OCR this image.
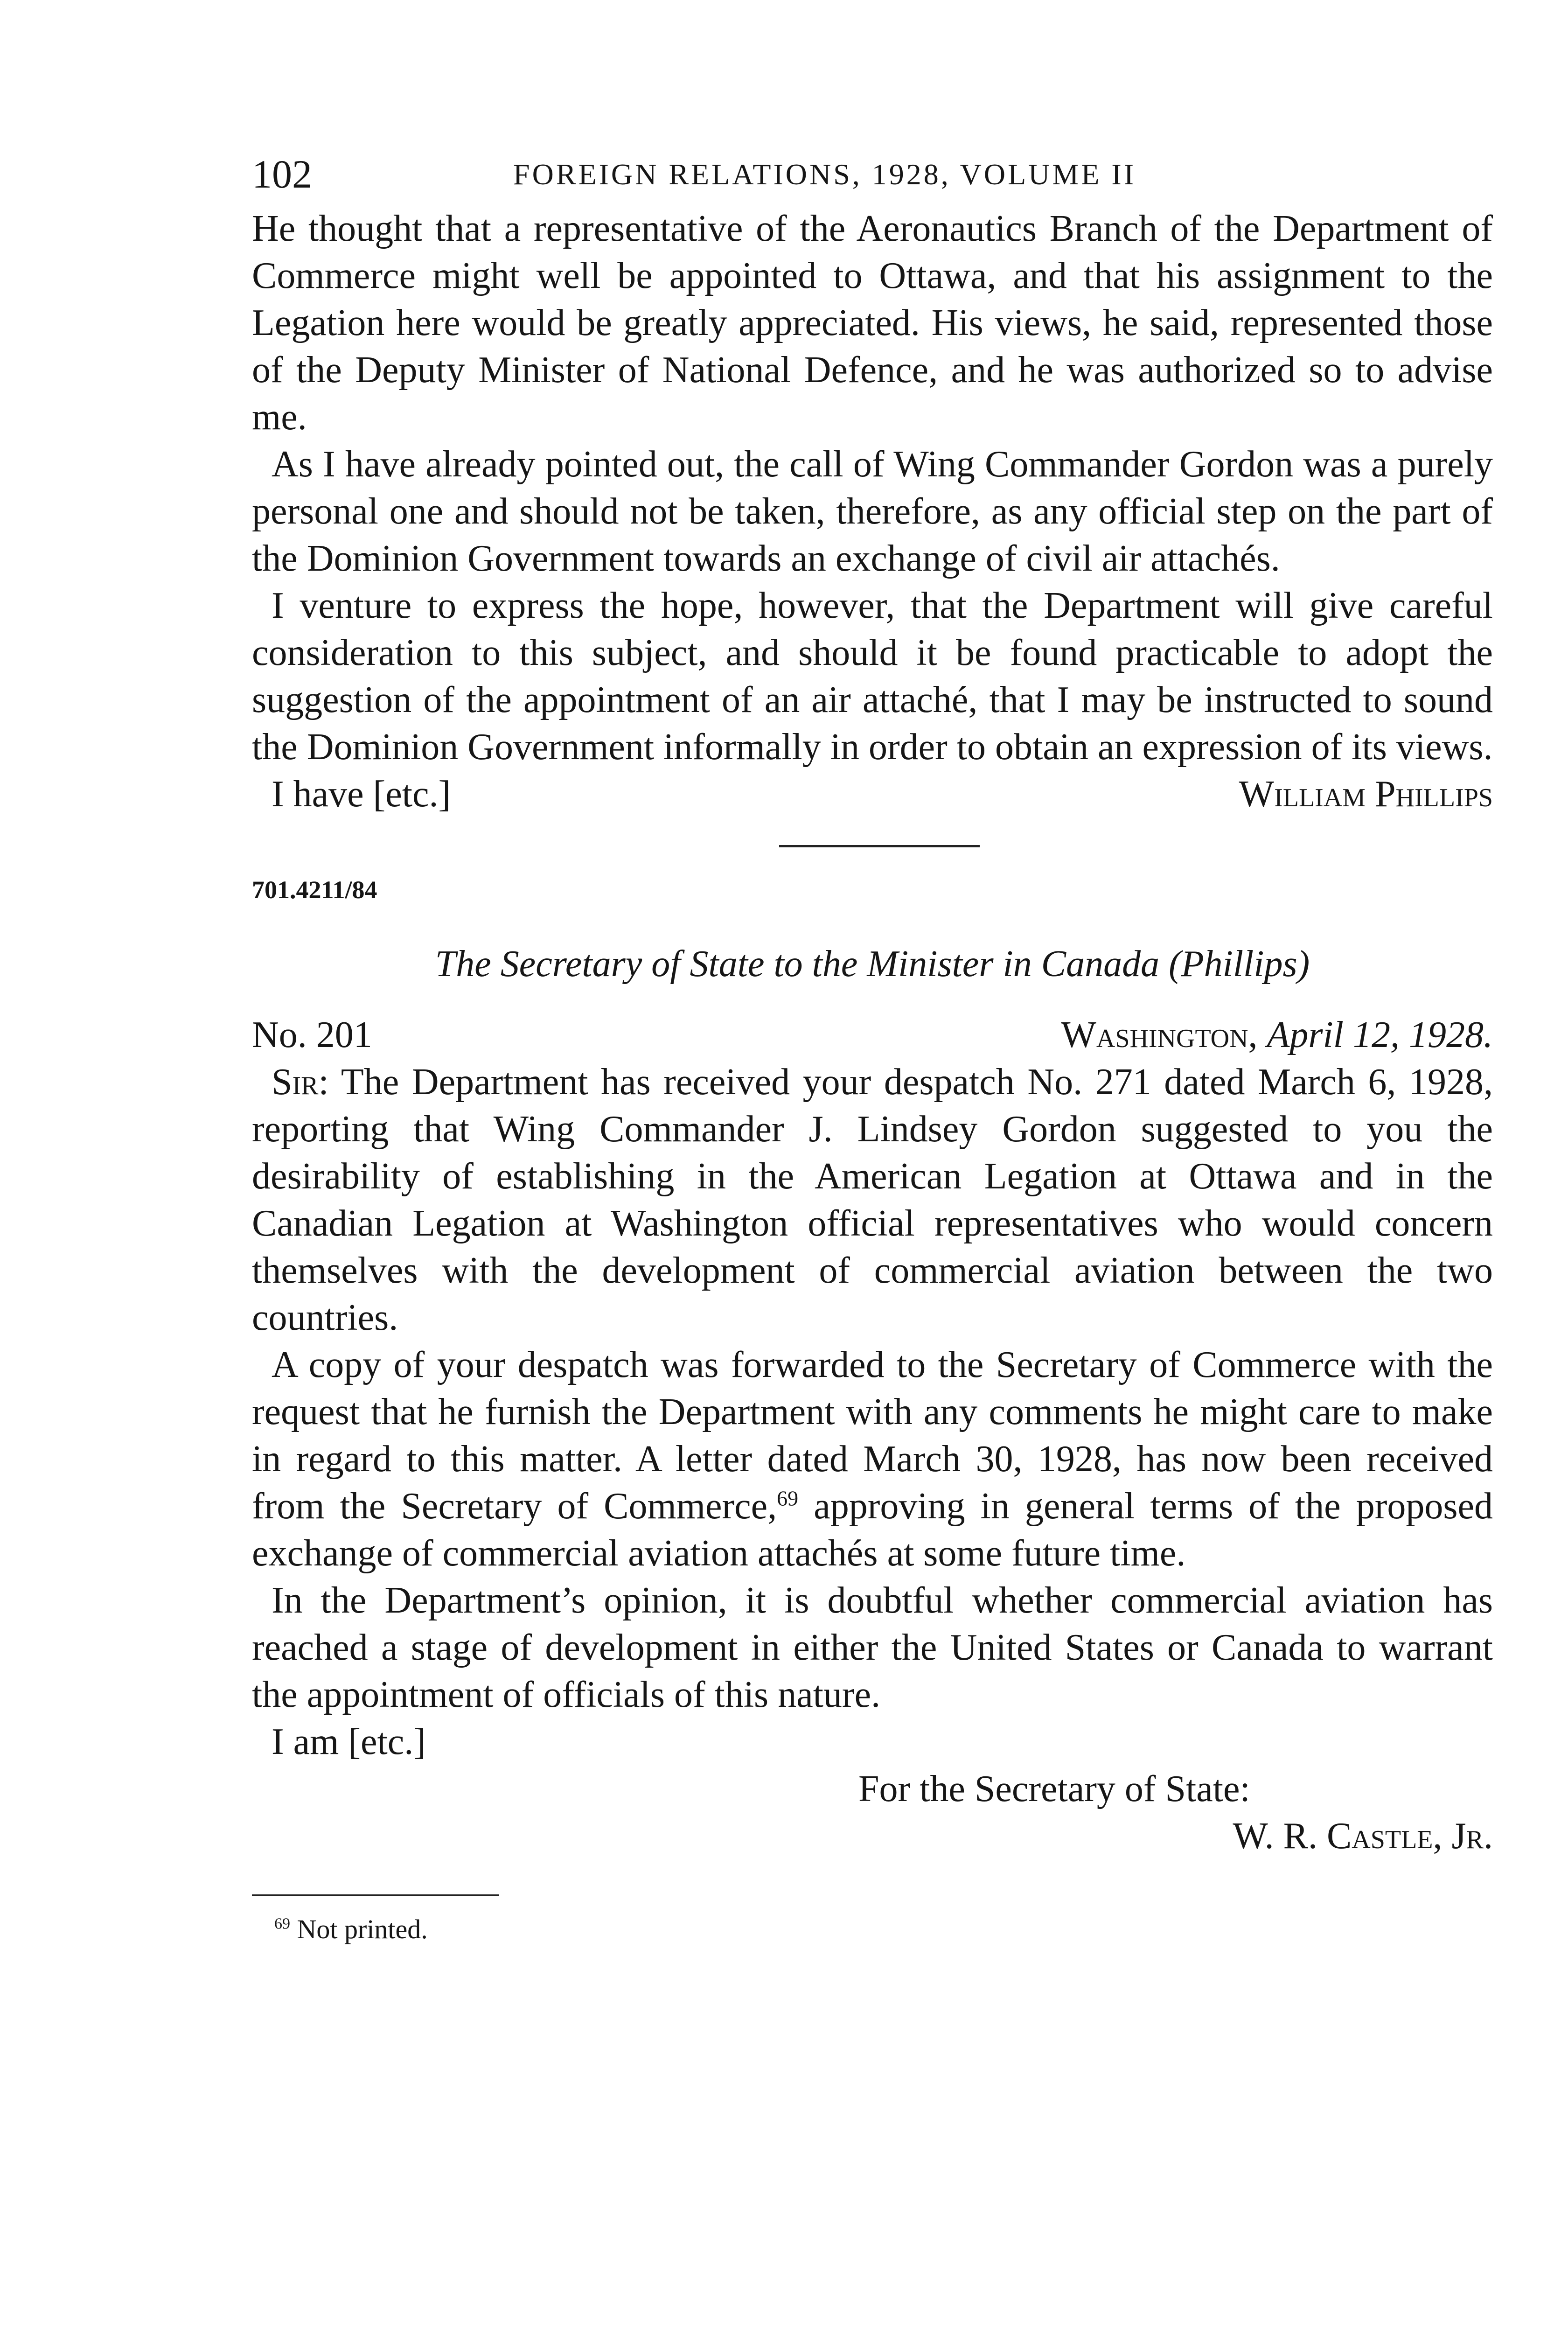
102	FOREIGN RELATIONS, 1928, VOLUME II

He thought that a representative of the Aeronautics Branch of the Department of Commerce might well be appointed to Ottawa, and that his assignment to the Legation here would be greatly appreciated. His views, he said, represented those of the Deputy Minister of National Defence, and he was authorized so to advise me.

As I have already pointed out, the call of Wing Commander Gordon was a purely personal one and should not be taken, therefore, as any official step on the part of the Dominion Government towards an exchange of civil air attachés.

I venture to express the hope, however, that the Department will give careful consideration to this subject, and should it be found practicable to adopt the suggestion of the appointment of an air attaché, that I may be instructed to sound the Dominion Government informally in order to obtain an expression of its views.

I have [etc.]	William Phillips
701.4211/84
The Secretary of State to the Minister in Canada (Phillips)
No. 201	Washington, April 12, 1928.

Sir: The Department has received your despatch No. 271 dated March 6, 1928, reporting that Wing Commander J. Lindsey Gordon suggested to you the desirability of establishing in the American Legation at Ottawa and in the Canadian Legation at Washington official representatives who would concern themselves with the development of commercial aviation between the two countries.

A copy of your despatch was forwarded to the Secretary of Commerce with the request that he furnish the Department with any comments he might care to make in regard to this matter. A letter dated March 30, 1928, has now been received from the Secretary of Commerce,$^{69}$ approving in general terms of the proposed exchange of commercial aviation attachés at some future time.

In the Department’s opinion, it is doubtful whether commercial aviation has reached a stage of development in either the United States or Canada to warrant the appointment of officials of this nature.

I am [etc.]

For the Secretary of State:
W. R. Castle, Jr.
$^{69}$ Not printed.
